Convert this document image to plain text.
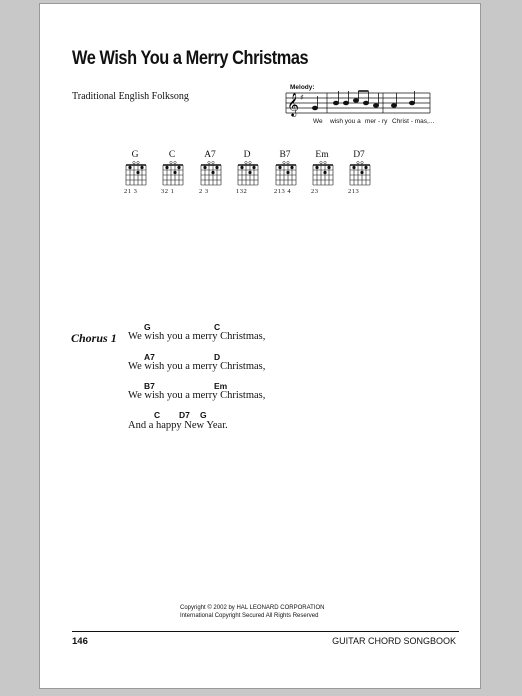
We Wish You a Merry Christmas
Traditional English Folksong
Melody:
𝄞 ♯
We wish you a mer - ry Christ - mas,...
G
21 3
C
32 1
A7
2 3
D
132
B7
213 4
Em
23
D7
213
Chorus 1
G	C
We wish you a merry Christmas,
A7	D
We wish you a merry Christmas,
B7	Em
We wish you a merry Christmas,
C D7 G
And a happy New Year.
Copyright © 2002 by HAL LEONARD CORPORATION
International Copyright Secured All Rights Reserved
146	GUITAR CHORD SONGBOOK
